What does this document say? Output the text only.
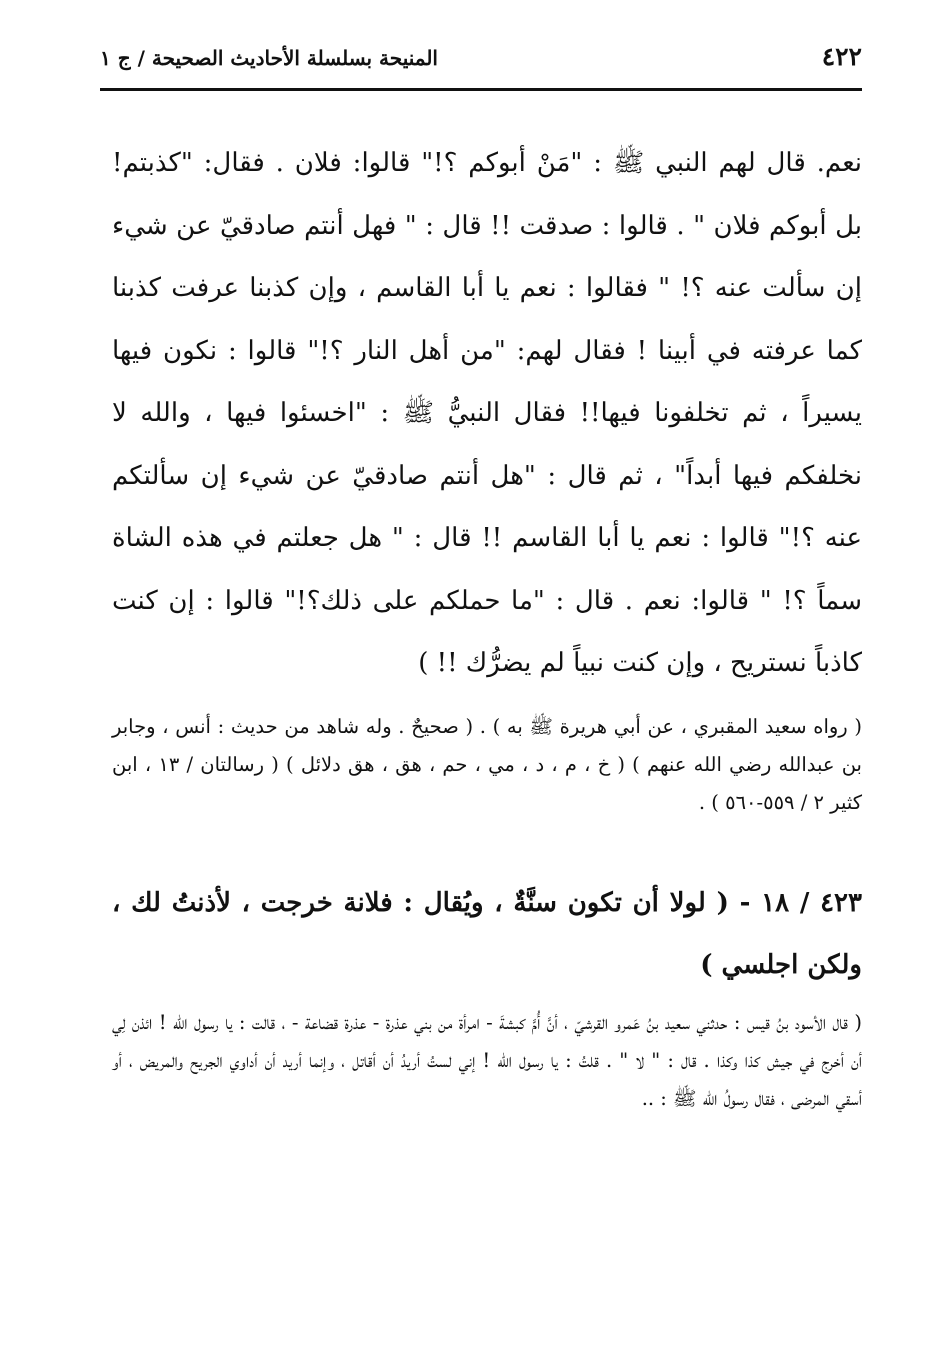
٤٢٢
المنيحة بسلسلة الأحاديث الصحيحة / ج ١

نعم. قال لهم النبي ﷺ : "مَنْ أبوكم ؟!" قالوا: فلان . فقال: "كذبتم! بل أبوكم فلان " . قالوا : صدقت !! قال : " فهل أنتم صادقيّ عن شيء إن سألت عنه ؟! " فقالوا : نعم يا أبا القاسم ، وإن كذبنا عرفت كذبنا كما عرفته في أبينا ! فقال لهم: "من أهل النار ؟!" قالوا : نكون فيها يسيراً ، ثم تخلفونا فيها!! فقال النبيُّ ﷺ : "اخسئوا فيها ، والله لا نخلفكم فيها أبداً" ، ثم قال : "هل أنتم صادقيّ عن شيء إن سألتكم عنه ؟!" قالوا : نعم يا أبا القاسم !! قال : " هل جعلتم في هذه الشاة سماً ؟! " قالوا: نعم . قال : "ما حملكم على ذلك؟!" قالوا : إن كنت كاذباً نستريح ، وإن كنت نبياً لم يضرُّك !! )

( رواه سعيد المقبري ، عن أبي هريرة ﷺ به ) . ( صحيحٌ . وله شاهد من حديث : أنس ، وجابر بن عبدالله رضي الله عنهم ) ( خ ، م ، د ، مي ، حم ، هق ، هق دلائل ) ( رسالتان / ١٣ ، ابن كثير ٢ / ٥٥٩-٥٦٠ ) .

٤٢٣ / ١٨ - ( لولا أن تكون سنَّةٌ ، ويُقال : فلانة خرجت ، لأذنتُ لك ، ولكن اجلسي )

( قال الأسود بنُ قيس : حدثني سعيد بنُ عَمرو القرشيّ ، أنَّ أُمَّ كبشةَ - امرأة من بني عذرة - عذرة قضاعة - ، قالت : يا رسول الله ! ائذن لِي أن أخرج في جيش كذا وكذا . قال : " لا " . قلتُ : يا رسول الله ! إني لستُ أريدُ أن أقاتل ، وإنما أريد أن أداوي الجريح والمريض ، أو أسقي المرضى ، فقال رسولُ الله ﷺ : ..
